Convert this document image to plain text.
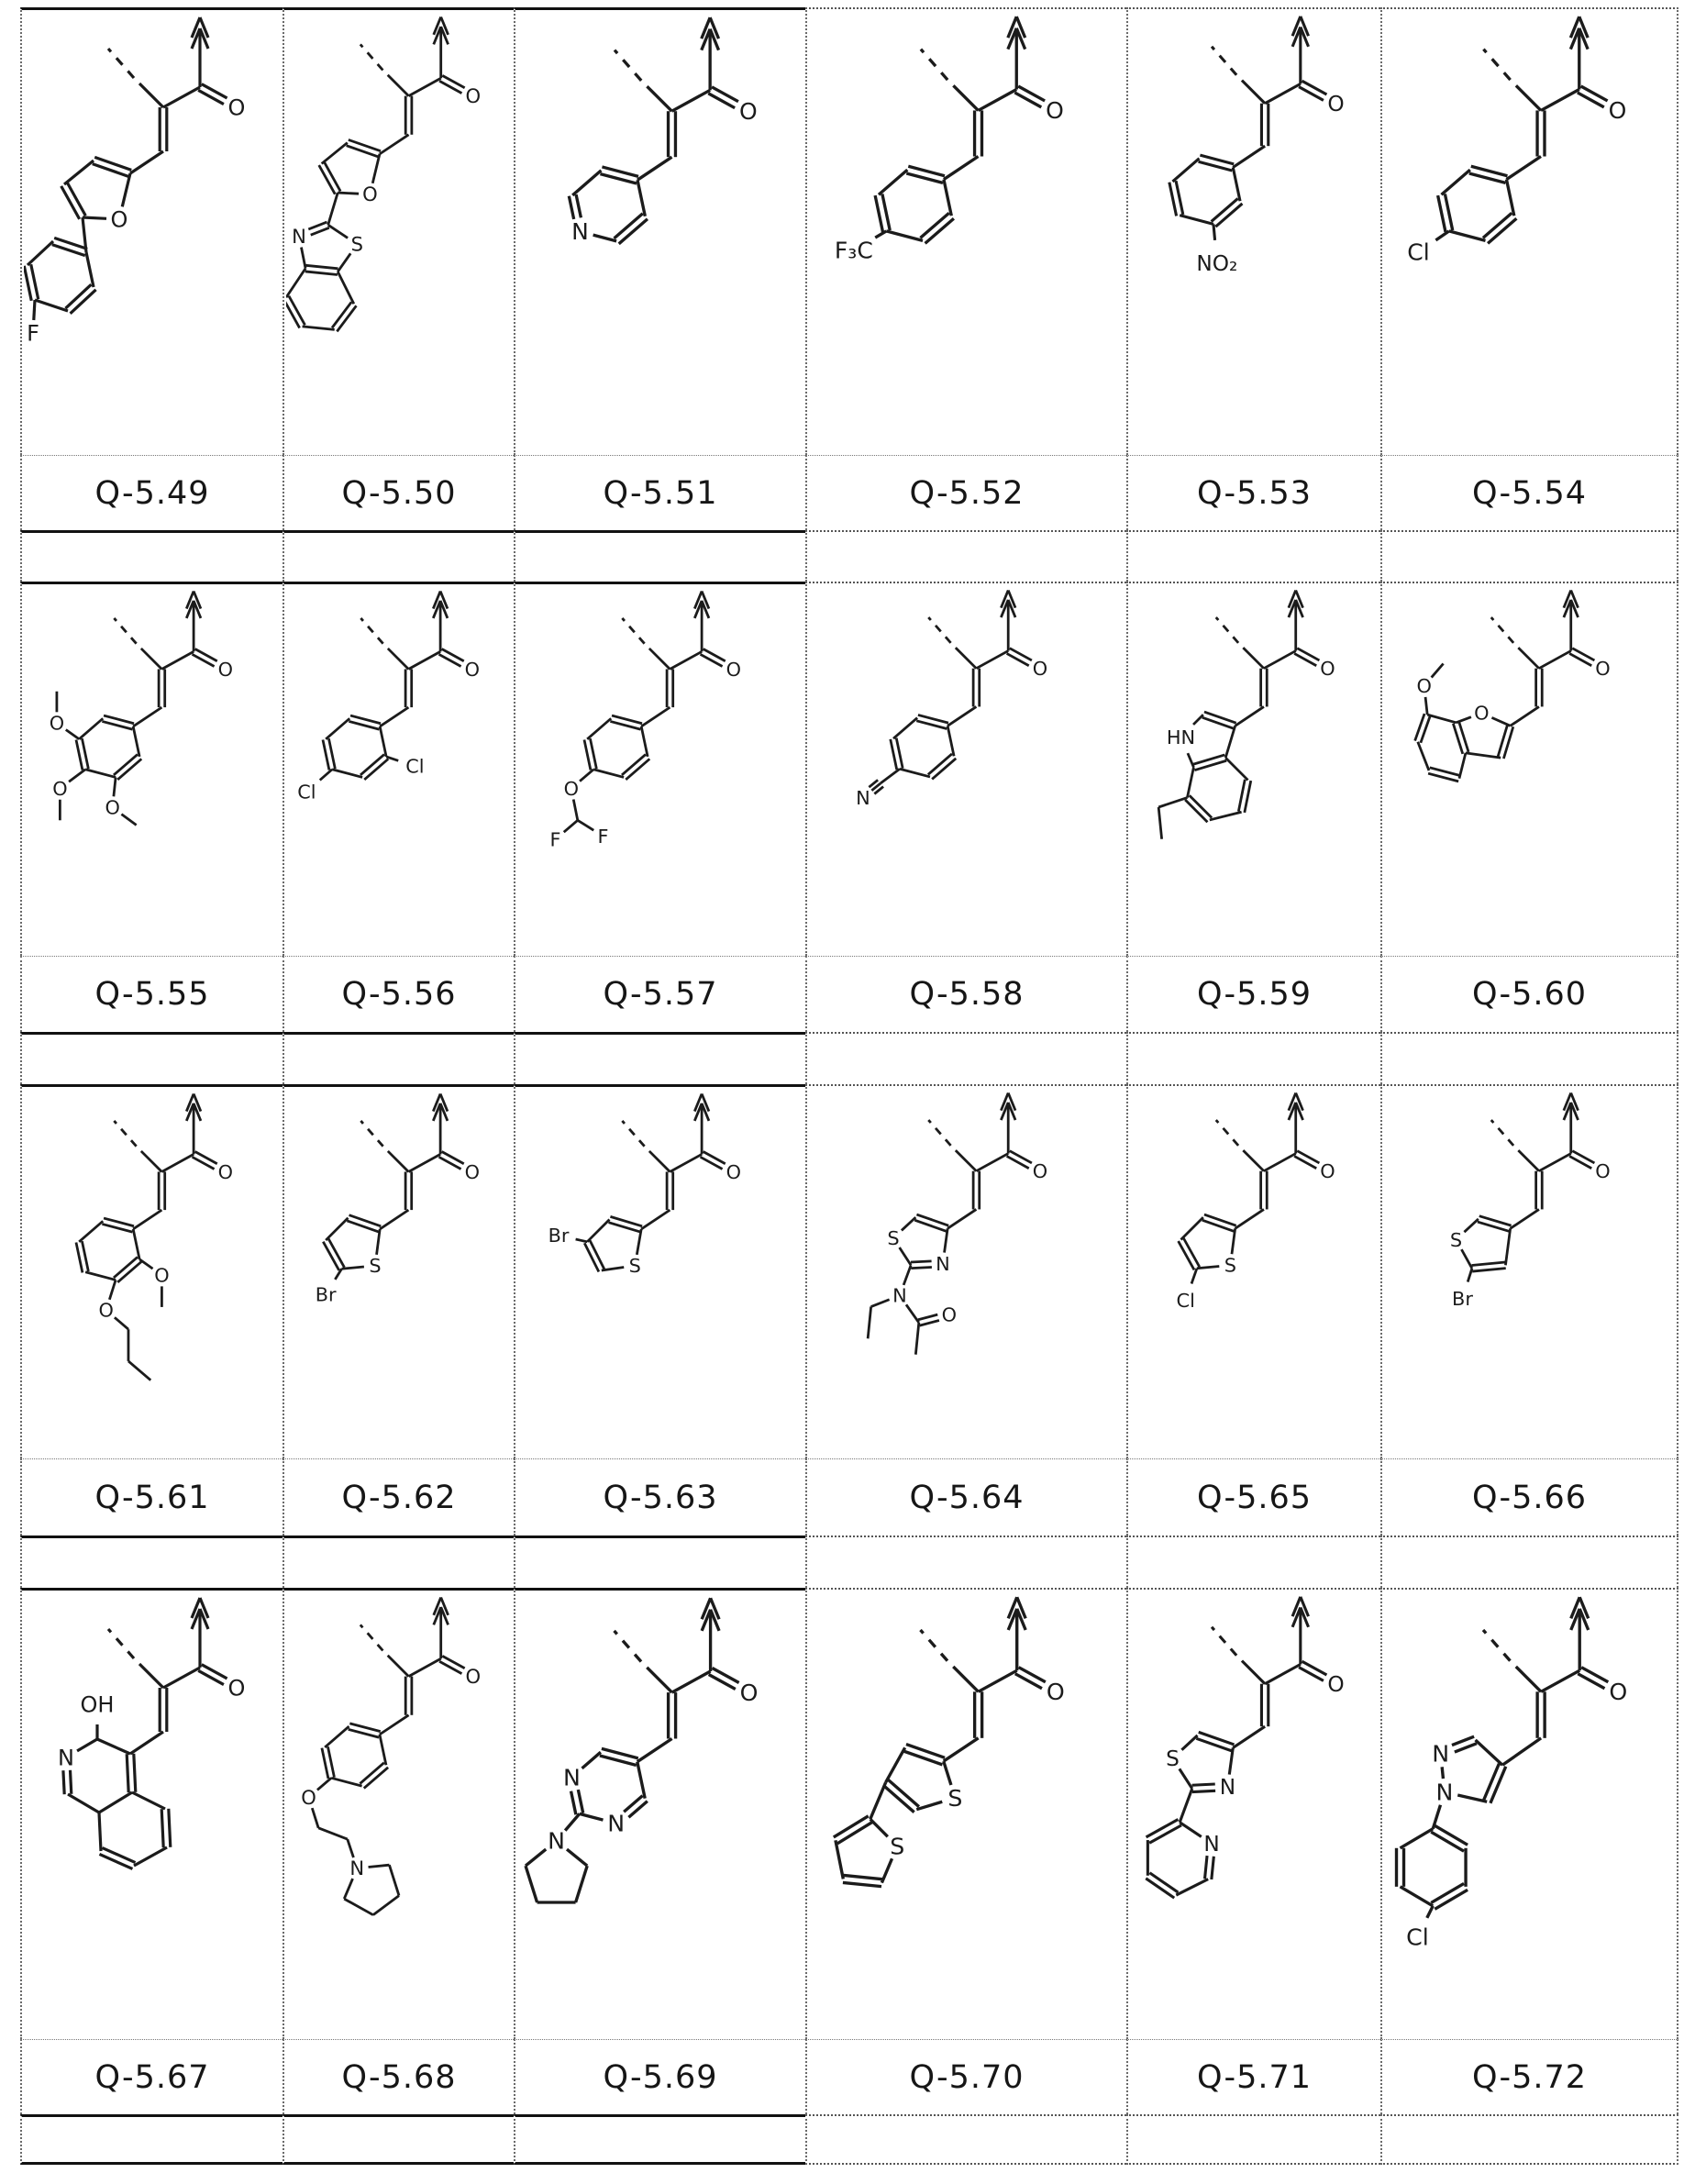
O
O
F
O
O
N	S
O
N
O
F₃C
O
NO₂
O
Cl
Q-5.49	Q-5.50	Q-5.51	Q-5.52	Q-5.53	Q-5.54
O
O
O
O
O
Cl
Cl
O
O
F	F
O
N
O
HN
O
O
O
Q-5.55	Q-5.56	Q-5.57	Q-5.58	Q-5.59	Q-5.60
O
O
O
O
S
Br
O
S
Br
O
S
N
N
O
O
S
Cl
O
S
Br
Q-5.61	Q-5.62	Q-5.63	Q-5.64	Q-5.65	Q-5.66
O
N
OH
O
O
N
O
N
N
N
O
S
S
O
S
N
N
O
N
N
Cl
Q-5.67	Q-5.68	Q-5.69	Q-5.70	Q-5.71	Q-5.72
